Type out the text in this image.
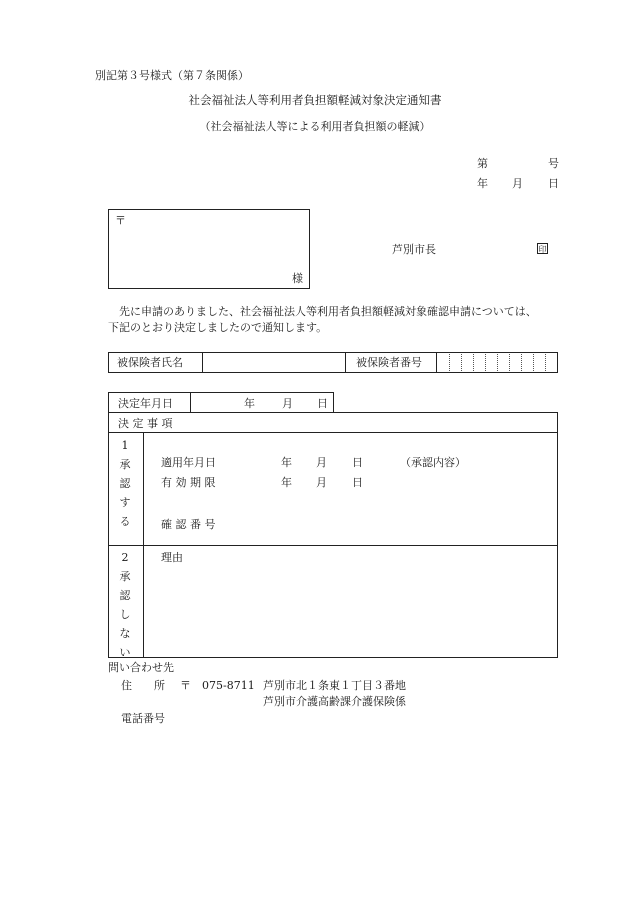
別記第３号様式（第７条関係）
社会福祉法人等利用者負担額軽減対象決定通知書
（社会福祉法人等による利用者負担額の軽減）
第	号
年 月 日
〒
様
芦別市長	印
先に申請のありました、社会福祉法人等利用者負担額軽減対象確認申請については、
下記のとおり決定しましたので通知します。
被保険者氏名	被保険者番号
決定年月日	年 月 日
決 定 事 項
1
承
認
す
る
適用年月日	年 月 日	（承認内容）
有 効 期 限	年 月 日
確 認 番 号
2
承
認
し
な
い
理由
問い合わせ先
住　　所 〒 075-8711 芦別市北１条東１丁目３番地
芦別市介護高齢課介護保険係
電話番号
